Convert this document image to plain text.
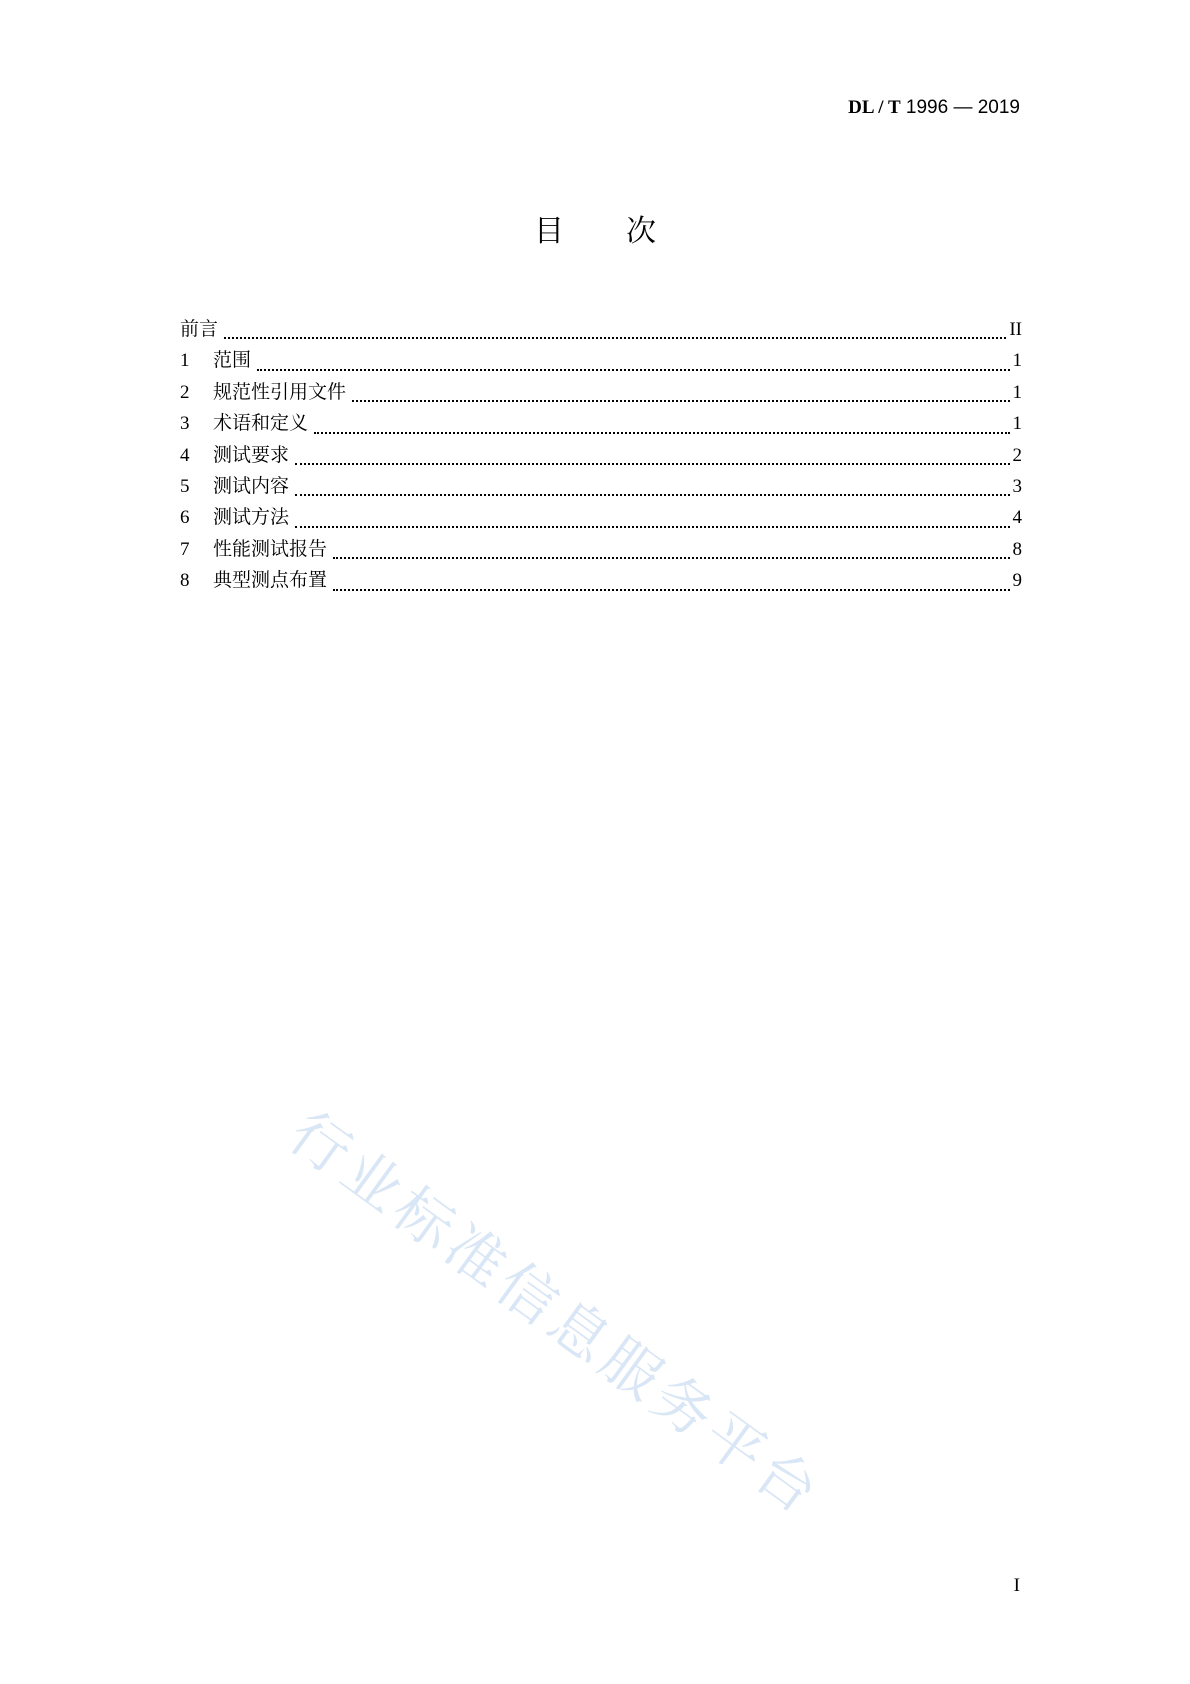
DL / T 1996 — 2019
目 次
前言	II
1	范围	1
2	规范性引用文件	1
3	术语和定义	1
4	测试要求	2
5	测试内容	3
6	测试方法	4
7	性能测试报告	8
8	典型测点布置	9
行业标准信息服务平台
I
